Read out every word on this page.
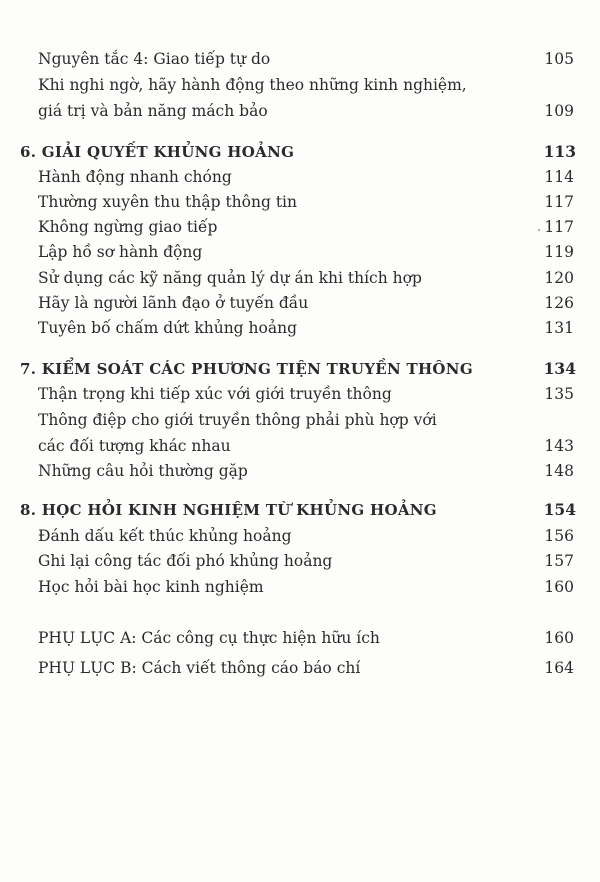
Nguyên tắc 4: Giao tiếp tự do	105
Khi nghi ngờ, hãy hành động theo những kinh nghiệm,
giá trị và bản năng mách bảo	109
6. GIẢI QUYẾT KHỦNG HOẢNG	113
Hành động nhanh chóng	114
Thường xuyên thu thập thông tin	117
Không ngừng giao tiếp	117
Lập hồ sơ hành động	119
Sử dụng các kỹ năng quản lý dự án khi thích hợp	120
Hãy là người lãnh đạo ở tuyến đầu	126
Tuyên bố chấm dứt khủng hoảng	131
7. KIỂM SOÁT CÁC PHƯƠNG TIỆN TRUYỀN THÔNG	134
Thận trọng khi tiếp xúc với giới truyền thông	135
Thông điệp cho giới truyền thông phải phù hợp với
các đối tượng khác nhau	143
Những câu hỏi thường gặp	148
8. HỌC HỎI KINH NGHIỆM TỪ KHỦNG HOẢNG	154
Đánh dấu kết thúc khủng hoảng	156
Ghi lại công tác đối phó khủng hoảng	157
Học hỏi bài học kinh nghiệm	160
PHỤ LỤC A: Các công cụ thực hiện hữu ích	160
PHỤ LỤC B: Cách viết thông cáo báo chí	164
